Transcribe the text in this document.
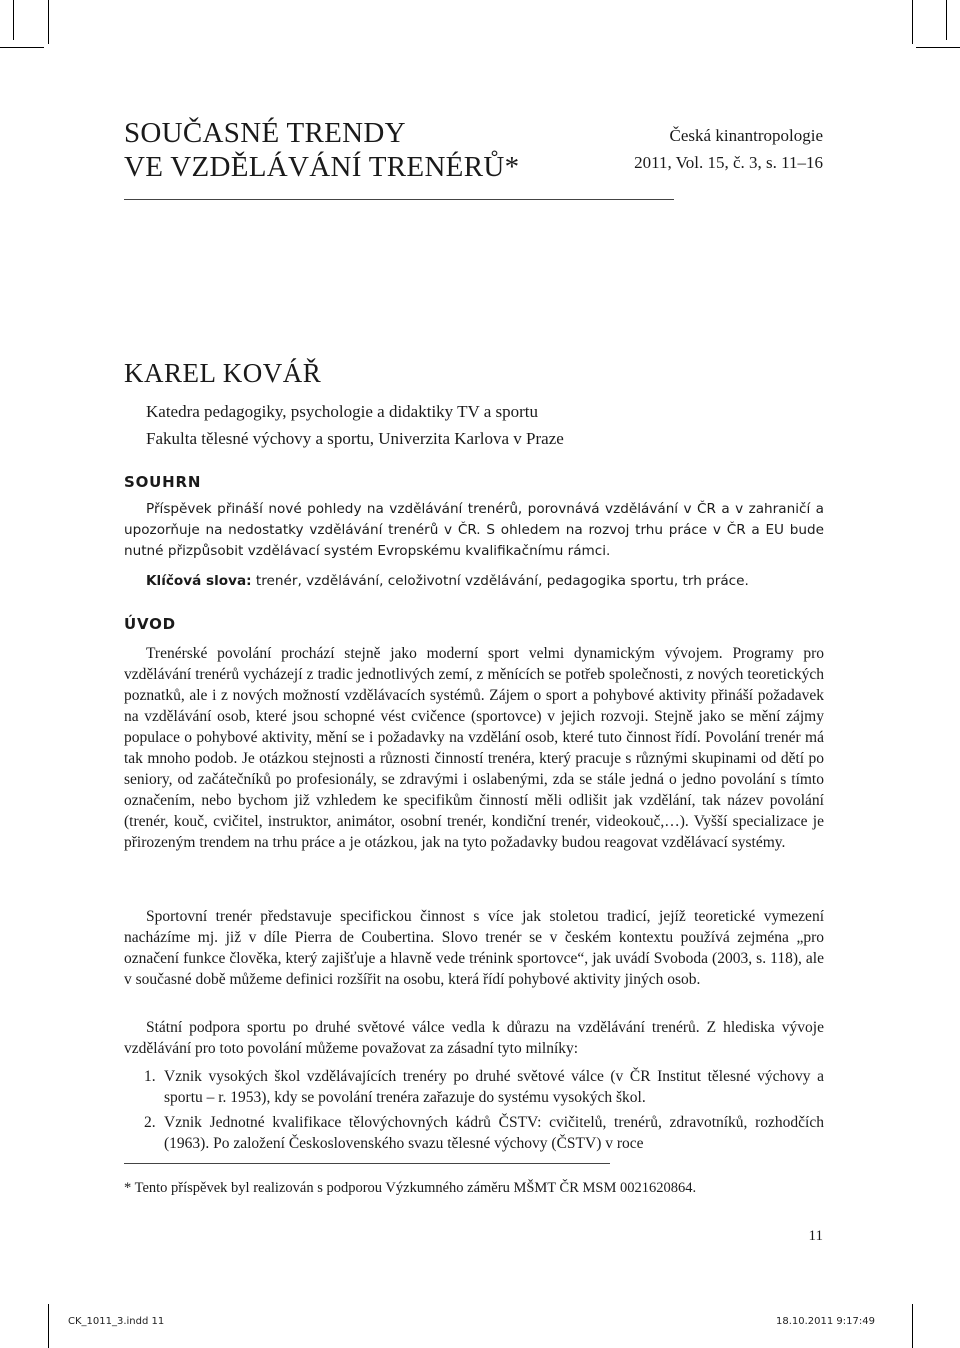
SOUČASNÉ TRENDY
VE VZDĚLÁVÁNÍ TRENÉRŮ*
Česká kinantropologie
2011, Vol. 15, č. 3, s. 11–16
KAREL KOVÁŘ
Katedra pedagogiky, psychologie a didaktiky TV a sportu
Fakulta tělesné výchovy a sportu, Univerzita Karlova v Praze
SOUHRN

Příspěvek přináší nové pohledy na vzdělávání trenérů, porovnává vzdělávání v ČR a v zahraničí a upozorňuje na nedostatky vzdělávání trenérů v ČR. S ohledem na rozvoj trhu práce v ČR a EU bude nutné přizpůsobit vzdělávací systém Evropskému kvalifikačnímu rámci.

Klíčová slova: trenér, vzdělávání, celoživotní vzdělávání, pedagogika sportu, trh práce.

ÚVOD

Trenérské povolání prochází stejně jako moderní sport velmi dynamickým vývojem. Programy pro vzdělávání trenérů vycházejí z tradic jednotlivých zemí, z měnících se potřeb společnosti, z nových teoretických poznatků, ale i z nových možností vzdělávacích systémů. Zájem o sport a pohybové aktivity přináší požadavek na vzdělávání osob, které jsou schopné vést cvičence (sportovce) v jejich rozvoji. Stejně jako se mění zájmy populace o pohybové aktivity, mění se i požadavky na vzdělání osob, které tuto činnost řídí. Povolání trenér má tak mnoho podob. Je otázkou stejnosti a různosti činností trenéra, který pracuje s různými skupinami od dětí po seniory, od začátečníků po profesionály, se zdravými i oslabenými, zda se stále jedná o jedno povolání s tímto označením, nebo bychom již vzhledem ke specifikům činností měli odlišit jak vzdělání, tak název povolání (trenér, kouč, cvičitel, instruktor, animátor, osobní trenér, kondiční trenér, videokouč,…). Vyšší specializace je přirozeným trendem na trhu práce a je otázkou, jak na tyto požadavky budou reagovat vzdělávací systémy.

Sportovní trenér představuje specifickou činnost s více jak stoletou tradicí, jejíž teoretické vymezení nacházíme mj. již v díle Pierra de Coubertina. Slovo trenér se v českém kontextu používá zejména „pro označení funkce člověka, který zajišťuje a hlavně vede trénink sportovce“, jak uvádí Svoboda (2003, s. 118), ale v současné době můžeme definici rozšířit na osobu, která řídí pohybové aktivity jiných osob.

Státní podpora sportu po druhé světové válce vedla k důrazu na vzdělávání trenérů. Z hlediska vývoje vzdělávání pro toto povolání můžeme považovat za zásadní tyto milníky:

1. Vznik vysokých škol vzdělávajících trenéry po druhé světové válce (v ČR Institut tělesné výchovy a sportu – r. 1953), kdy se povolání trenéra zařazuje do systému vysokých škol.
2. Vznik Jednotné kvalifikace tělovýchovných kádrů ČSTV: cvičitelů, trenérů, zdravotníků, rozhodčích (1963). Po založení Československého svazu tělesné výchovy (ČSTV) v roce
* Tento příspěvek byl realizován s podporou Výzkumného záměru MŠMT ČR MSM 0021620864.
11
CK_1011_3.indd 11	18.10.2011 9:17:49
